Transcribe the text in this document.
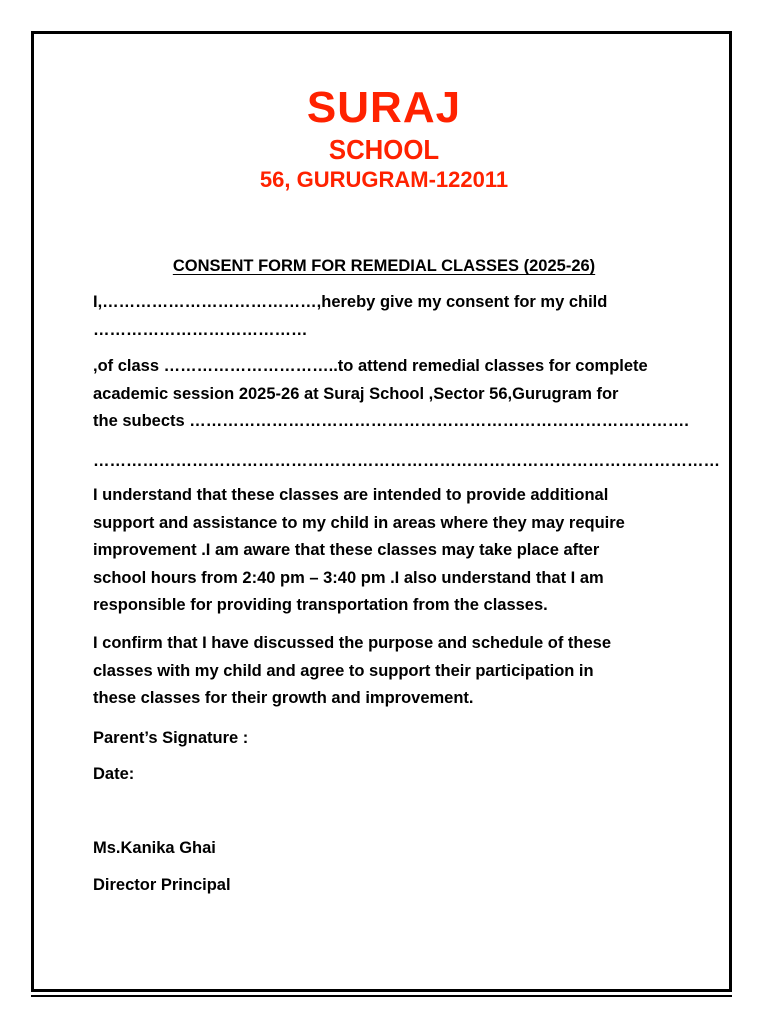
SURAJ
SCHOOL
56, GURUGRAM-122011
CONSENT FORM FOR REMEDIAL CLASSES (2025-26)
I,…………………………………,hereby give my consent for my child
…………………………………
,of class …………………………..to attend remedial classes for complete
academic session 2025-26 at Suraj School ,Sector 56,Gurugram for
the subects ……………………………………………………………………………….
……………………………………………………………………………………………………
I understand that these classes are intended to provide additional
support and assistance to my child in areas where they may require
improvement .I am aware that these classes may take place after
school hours from 2:40 pm – 3:40 pm .I also understand that I am
responsible for providing transportation from the classes.
I confirm that I have discussed the purpose and schedule of these
classes with my child and agree to support their participation in
these classes for their growth and improvement.
Parent’s Signature :
Date:
Ms.Kanika Ghai
Director Principal
